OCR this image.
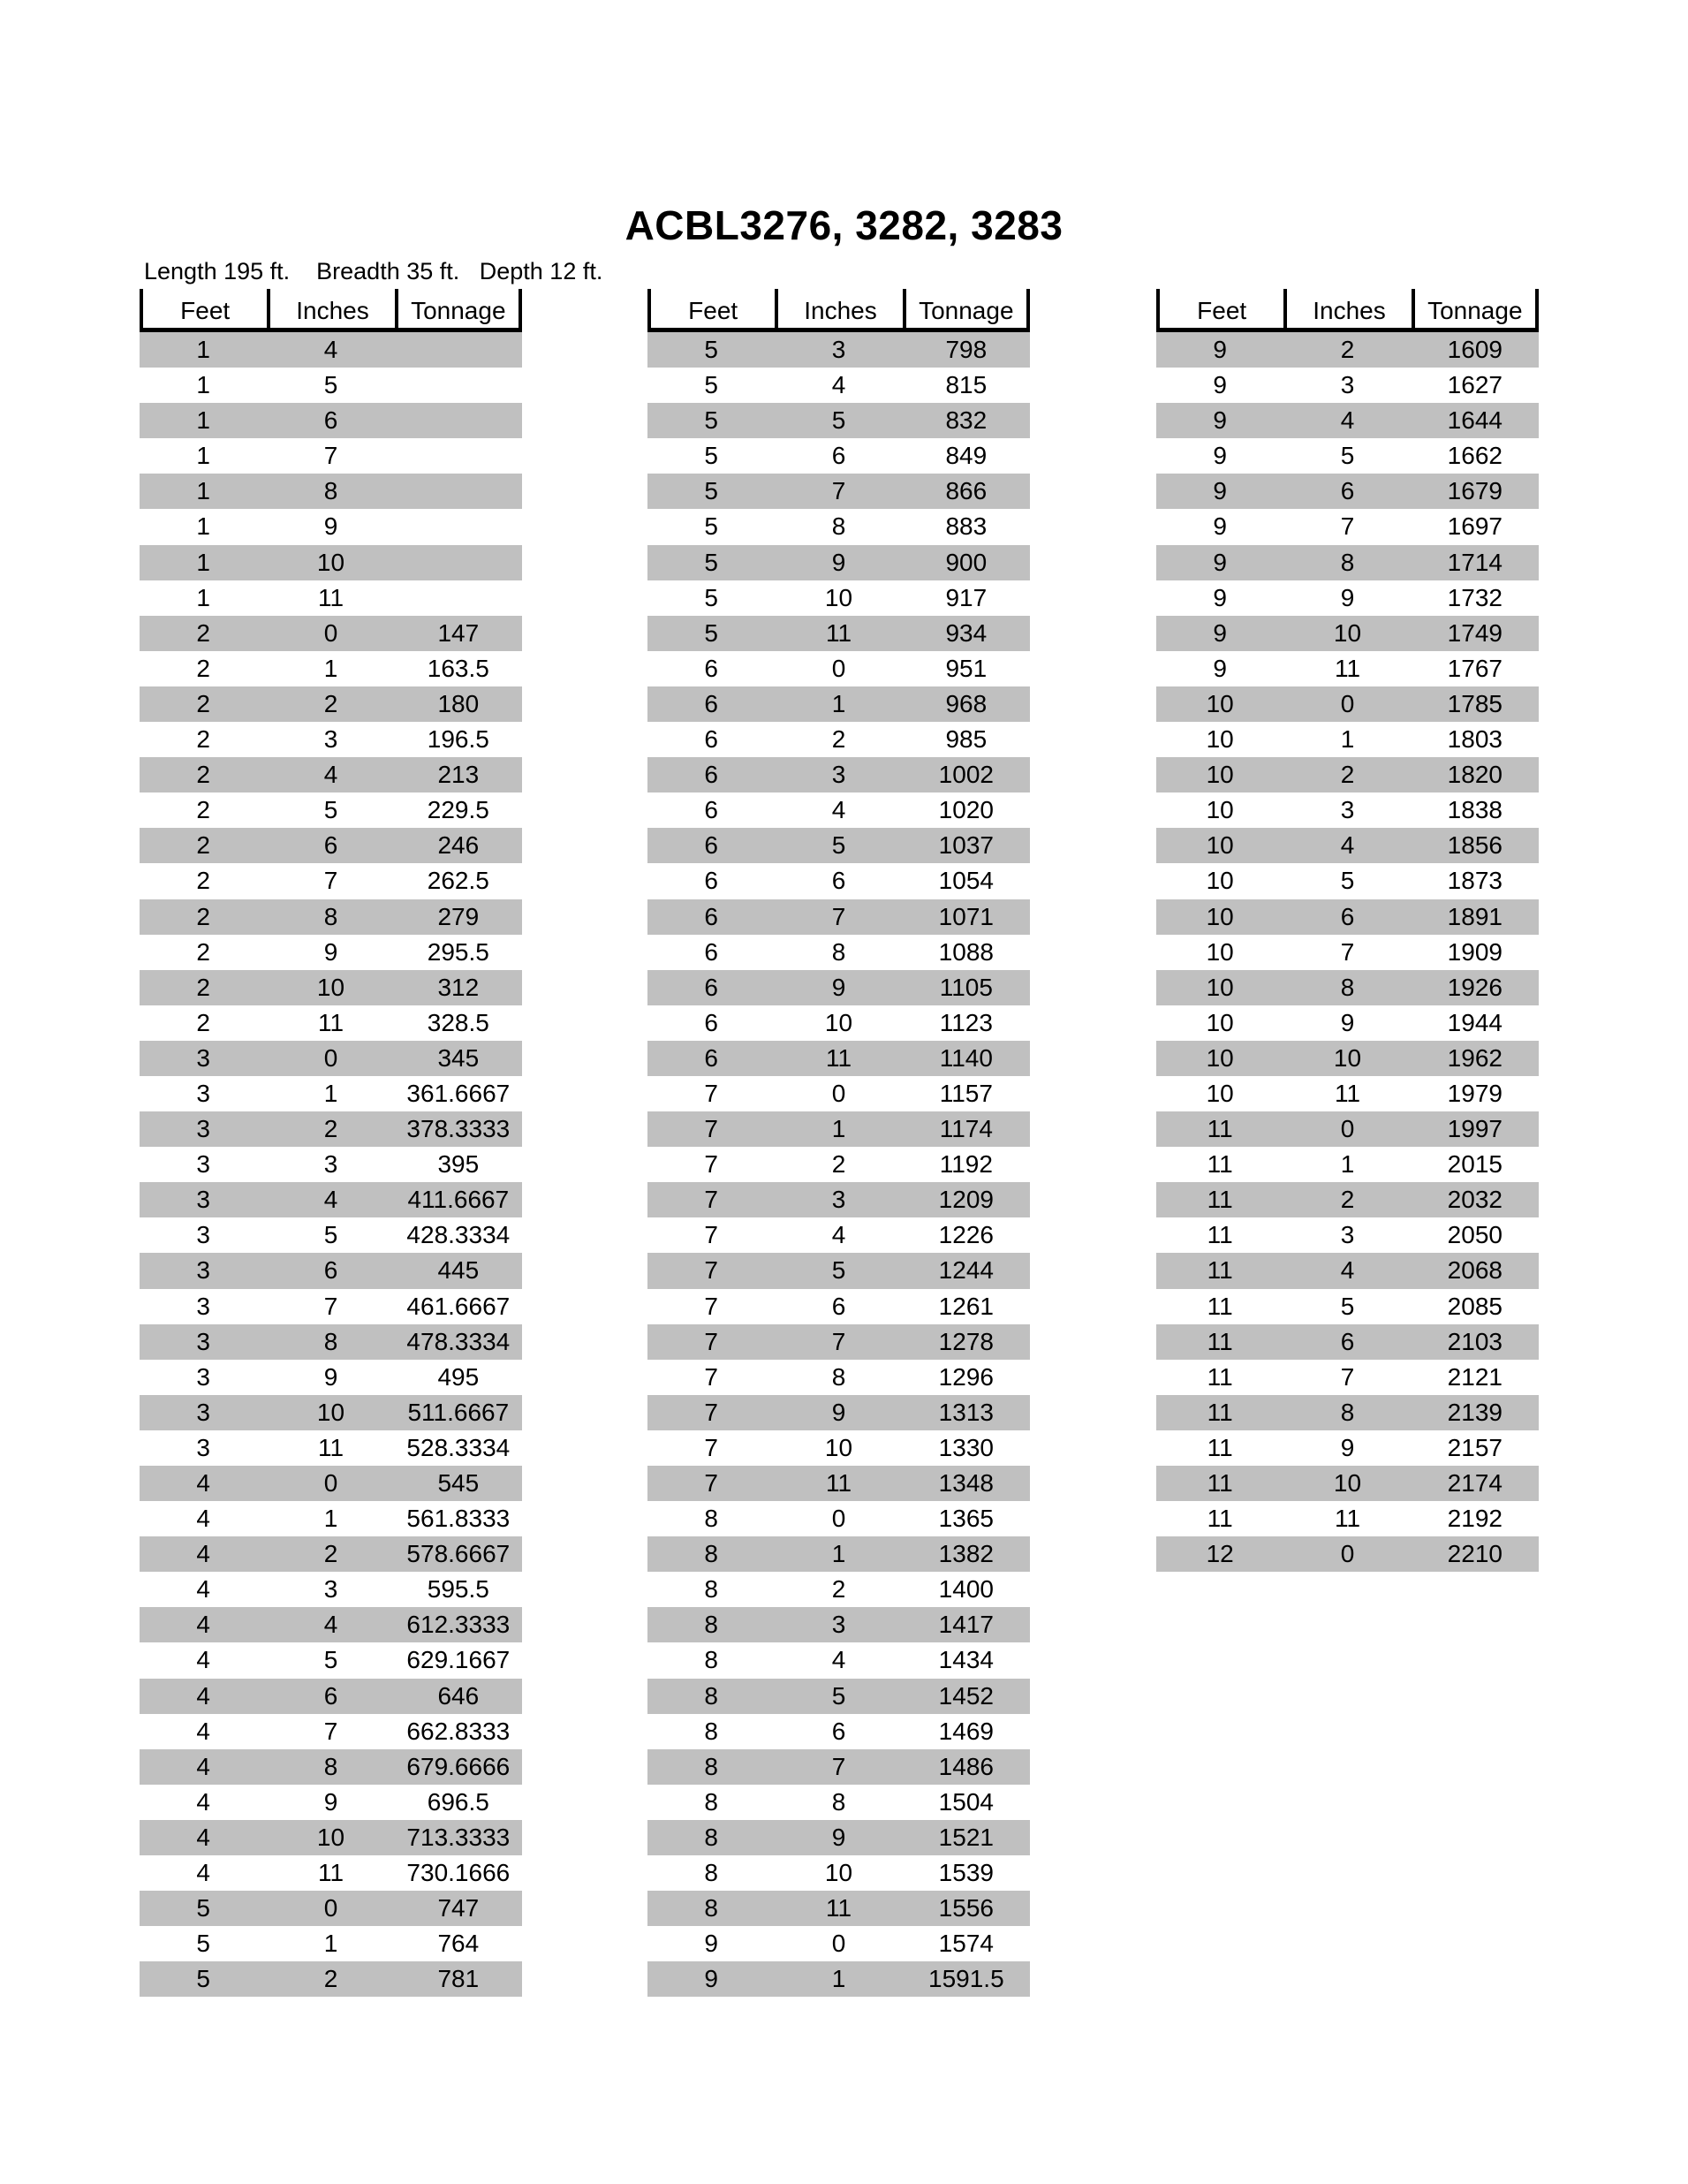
ACBL3276, 3282, 3283
Length 195 ft.    Breadth 35 ft.   Depth 12 ft.
Feet	Inches	Tonnage
1	4
1	5
1	6
1	7
1	8
1	9
1	10
1	11
2	0	147
2	1	163.5
2	2	180
2	3	196.5
2	4	213
2	5	229.5
2	6	246
2	7	262.5
2	8	279
2	9	295.5
2	10	312
2	11	328.5
3	0	345
3	1	361.6667
3	2	378.3333
3	3	395
3	4	411.6667
3	5	428.3334
3	6	445
3	7	461.6667
3	8	478.3334
3	9	495
3	10	511.6667
3	11	528.3334
4	0	545
4	1	561.8333
4	2	578.6667
4	3	595.5
4	4	612.3333
4	5	629.1667
4	6	646
4	7	662.8333
4	8	679.6666
4	9	696.5
4	10	713.3333
4	11	730.1666
5	0	747
5	1	764
5	2	781
Feet	Inches	Tonnage
5	3	798
5	4	815
5	5	832
5	6	849
5	7	866
5	8	883
5	9	900
5	10	917
5	11	934
6	0	951
6	1	968
6	2	985
6	3	1002
6	4	1020
6	5	1037
6	6	1054
6	7	1071
6	8	1088
6	9	1105
6	10	1123
6	11	1140
7	0	1157
7	1	1174
7	2	1192
7	3	1209
7	4	1226
7	5	1244
7	6	1261
7	7	1278
7	8	1296
7	9	1313
7	10	1330
7	11	1348
8	0	1365
8	1	1382
8	2	1400
8	3	1417
8	4	1434
8	5	1452
8	6	1469
8	7	1486
8	8	1504
8	9	1521
8	10	1539
8	11	1556
9	0	1574
9	1	1591.5
Feet	Inches	Tonnage
9	2	1609
9	3	1627
9	4	1644
9	5	1662
9	6	1679
9	7	1697
9	8	1714
9	9	1732
9	10	1749
9	11	1767
10	0	1785
10	1	1803
10	2	1820
10	3	1838
10	4	1856
10	5	1873
10	6	1891
10	7	1909
10	8	1926
10	9	1944
10	10	1962
10	11	1979
11	0	1997
11	1	2015
11	2	2032
11	3	2050
11	4	2068
11	5	2085
11	6	2103
11	7	2121
11	8	2139
11	9	2157
11	10	2174
11	11	2192
12	0	2210
